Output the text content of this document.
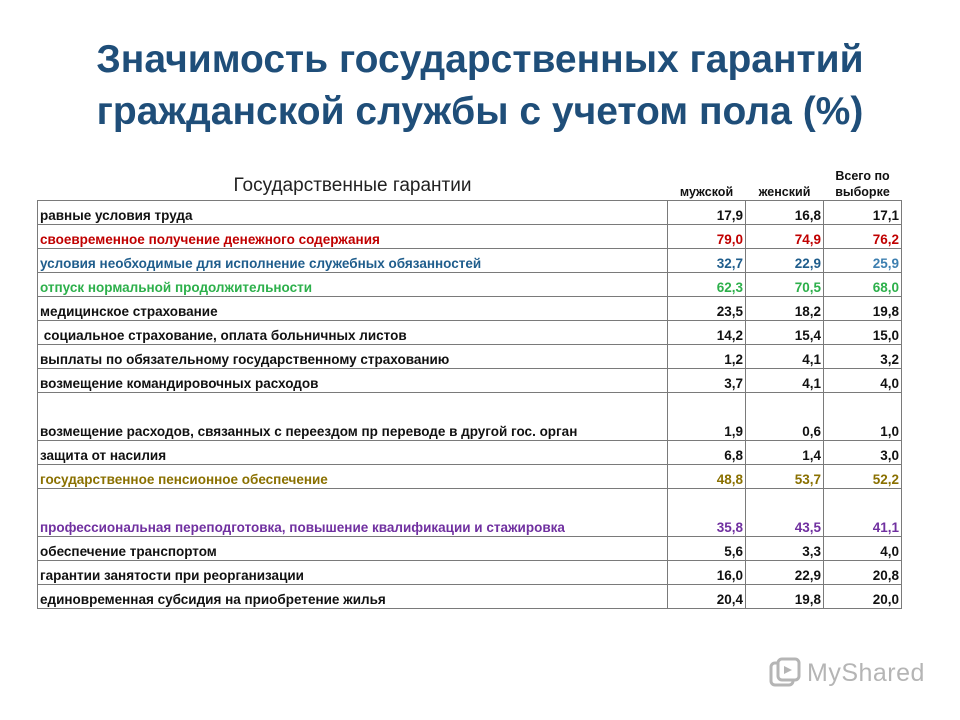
Значимость государственных гарантий
гражданской службы с учетом пола (%)
Государственные гарантии	мужской	женский	Всего по
выборке

равные условия труда	17,9	16,8	17,1
своевременное получение денежного содержания	79,0	74,9	76,2
условия необходимые для исполнение служебных обязанностей	32,7	22,9	25,9
отпуск нормальной продолжительности	62,3	70,5	68,0
медицинское страхование	23,5	18,2	19,8
социальное страхование, оплата больничных листов	14,2	15,4	15,0
выплаты по обязательному государственному страхованию	1,2	4,1	3,2
возмещение командировочных расходов	3,7	4,1	4,0
возмещение расходов, связанных с переездом пр переводе в другой гос. орган	1,9	0,6	1,0
защита от насилия	6,8	1,4	3,0
государственное пенсионное обеспечение	48,8	53,7	52,2
профессиональная переподготовка, повышение квалификации и стажировка	35,8	43,5	41,1
обеспечение транспортом	5,6	3,3	4,0
гарантии занятости при реорганизации	16,0	22,9	20,8
единовременная субсидия на приобретение жилья	20,4	19,8	20,0
MyShared
